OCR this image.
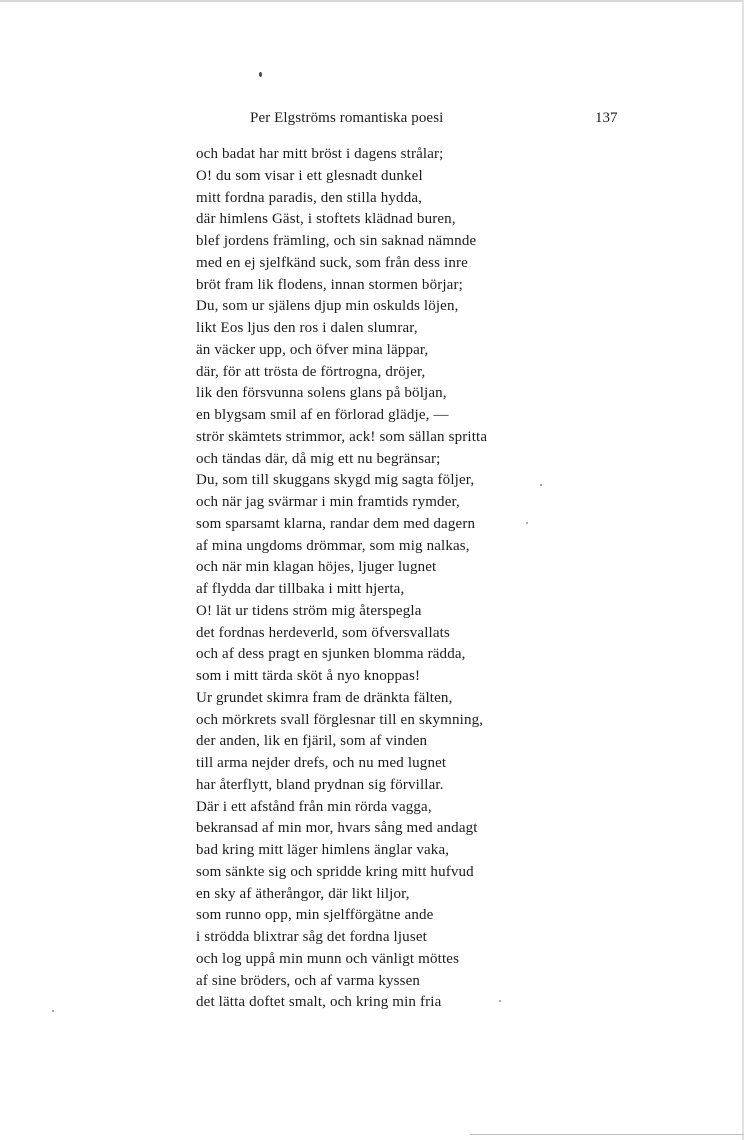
Per Elgströms romantiska poesi	137
och badat har mitt bröst i dagens strålar;
O! du som visar i ett glesnadt dunkel
mitt fordna paradis, den stilla hydda,
där himlens Gäst, i stoftets klädnad buren,
blef jordens främling, och sin saknad nämnde
med en ej sjelfkänd suck, som från dess inre
bröt fram lik flodens, innan stormen börjar;
Du, som ur själens djup min oskulds löjen,
likt Eos ljus den ros i dalen slumrar,
än väcker upp, och öfver mina läppar,
där, för att trösta de förtrogna, dröjer,
lik den försvunna solens glans på böljan,
en blygsam smil af en förlorad glädje, —
strör skämtets strimmor, ack! som sällan spritta
och tändas där, då mig ett nu begränsar;
Du, som till skuggans skygd mig sagta följer,
och när jag svärmar i min framtids rymder,
som sparsamt klarna, randar dem med dagern
af mina ungdoms drömmar, som mig nalkas,
och när min klagan höjes, ljuger lugnet
af flydda dar tillbaka i mitt hjerta,
O! lät ur tidens ström mig återspegla
det fordnas herdeverld, som öfversvallats
och af dess pragt en sjunken blomma rädda,
som i mitt tärda sköt å nyo knoppas!
Ur grundet skimra fram de dränkta fälten,
och mörkrets svall förglesnar till en skymning,
der anden, lik en fjäril, som af vinden
till arma nejder drefs, och nu med lugnet
har återflytt, bland prydnan sig förvillar.
Där i ett afstånd från min rörda vagga,
bekransad af min mor, hvars sång med andagt
bad kring mitt läger himlens änglar vaka,
som sänkte sig och spridde kring mitt hufvud
en sky af ätherångor, där likt liljor,
som runno opp, min sjelfförgätne ande
i strödda blixtrar såg det fordna ljuset
och log uppå min munn och vänligt möttes
af sine bröders, och af varma kyssen
det lätta doftet smalt, och kring min fria
